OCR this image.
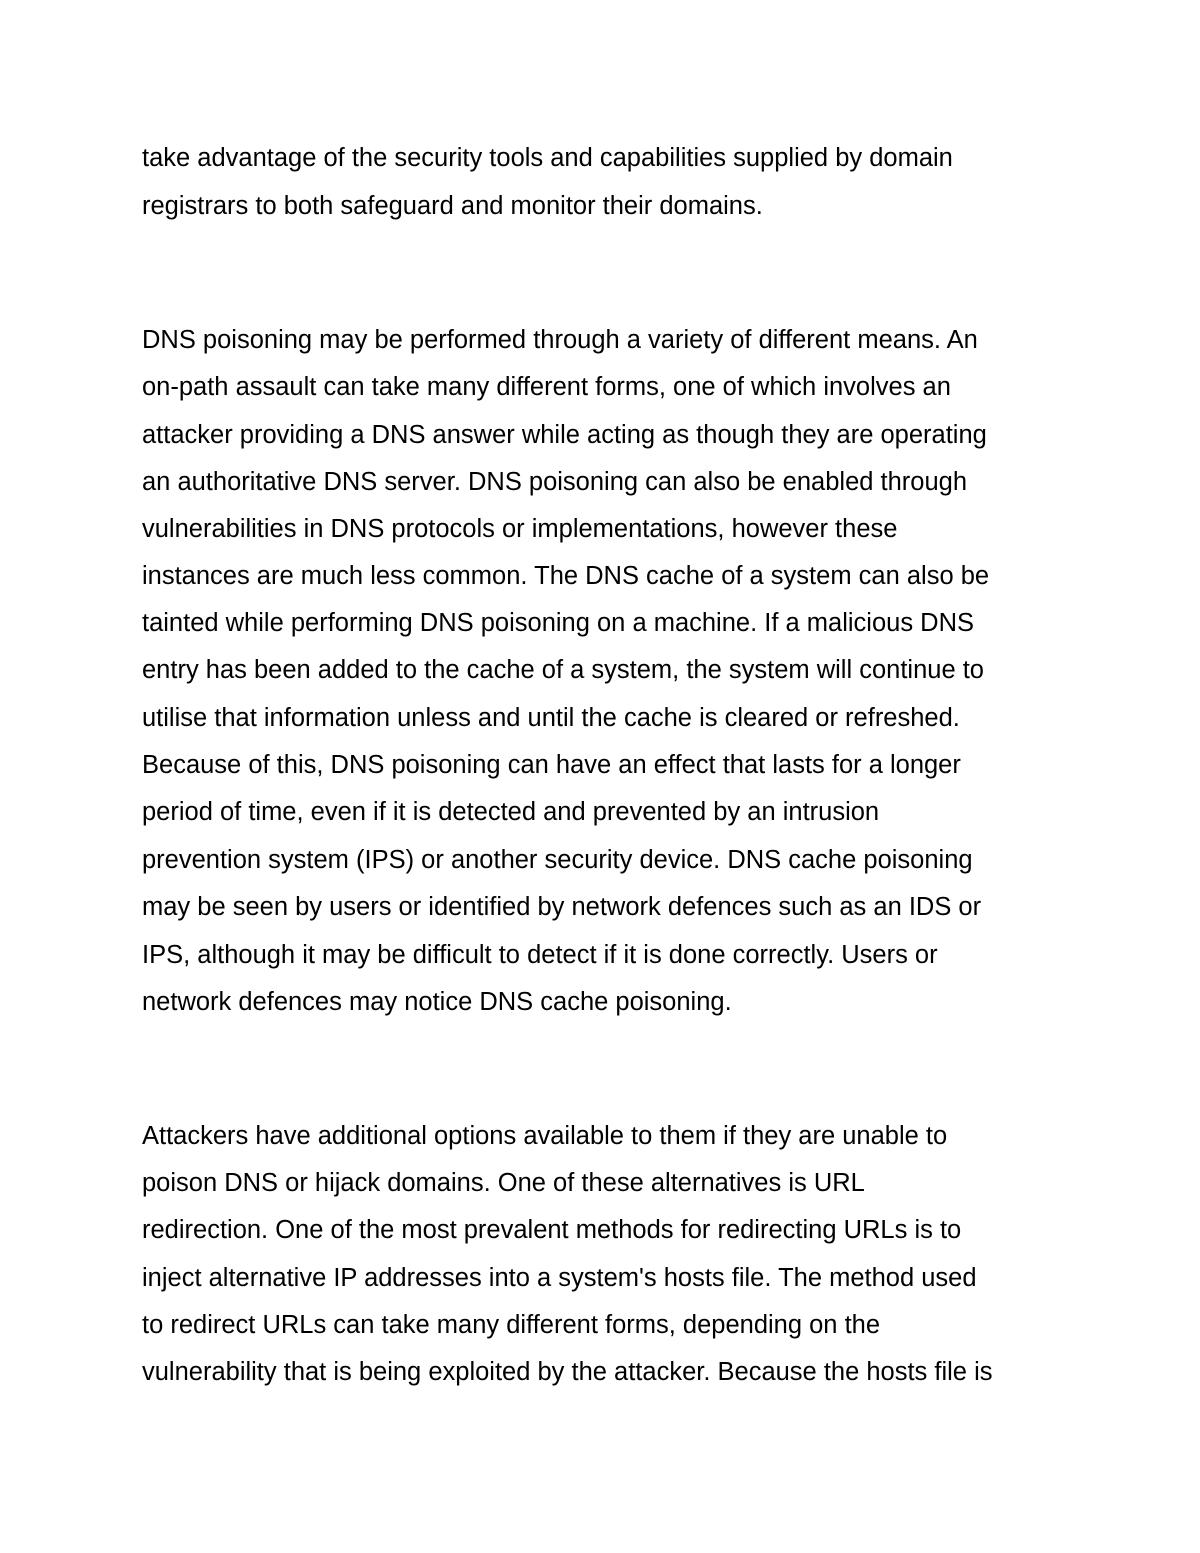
take advantage of the security tools and capabilities supplied by domain
registrars to both safeguard and monitor their domains.
DNS poisoning may be performed through a variety of different means. An
on-path assault can take many different forms, one of which involves an
attacker providing a DNS answer while acting as though they are operating
an authoritative DNS server. DNS poisoning can also be enabled through
vulnerabilities in DNS protocols or implementations, however these
instances are much less common. The DNS cache of a system can also be
tainted while performing DNS poisoning on a machine. If a malicious DNS
entry has been added to the cache of a system, the system will continue to
utilise that information unless and until the cache is cleared or refreshed.
Because of this, DNS poisoning can have an effect that lasts for a longer
period of time, even if it is detected and prevented by an intrusion
prevention system (IPS) or another security device. DNS cache poisoning
may be seen by users or identified by network defences such as an IDS or
IPS, although it may be difficult to detect if it is done correctly. Users or
network defences may notice DNS cache poisoning.
Attackers have additional options available to them if they are unable to
poison DNS or hijack domains. One of these alternatives is URL
redirection. One of the most prevalent methods for redirecting URLs is to
inject alternative IP addresses into a system's hosts file. The method used
to redirect URLs can take many different forms, depending on the
vulnerability that is being exploited by the attacker. Because the hosts file is
